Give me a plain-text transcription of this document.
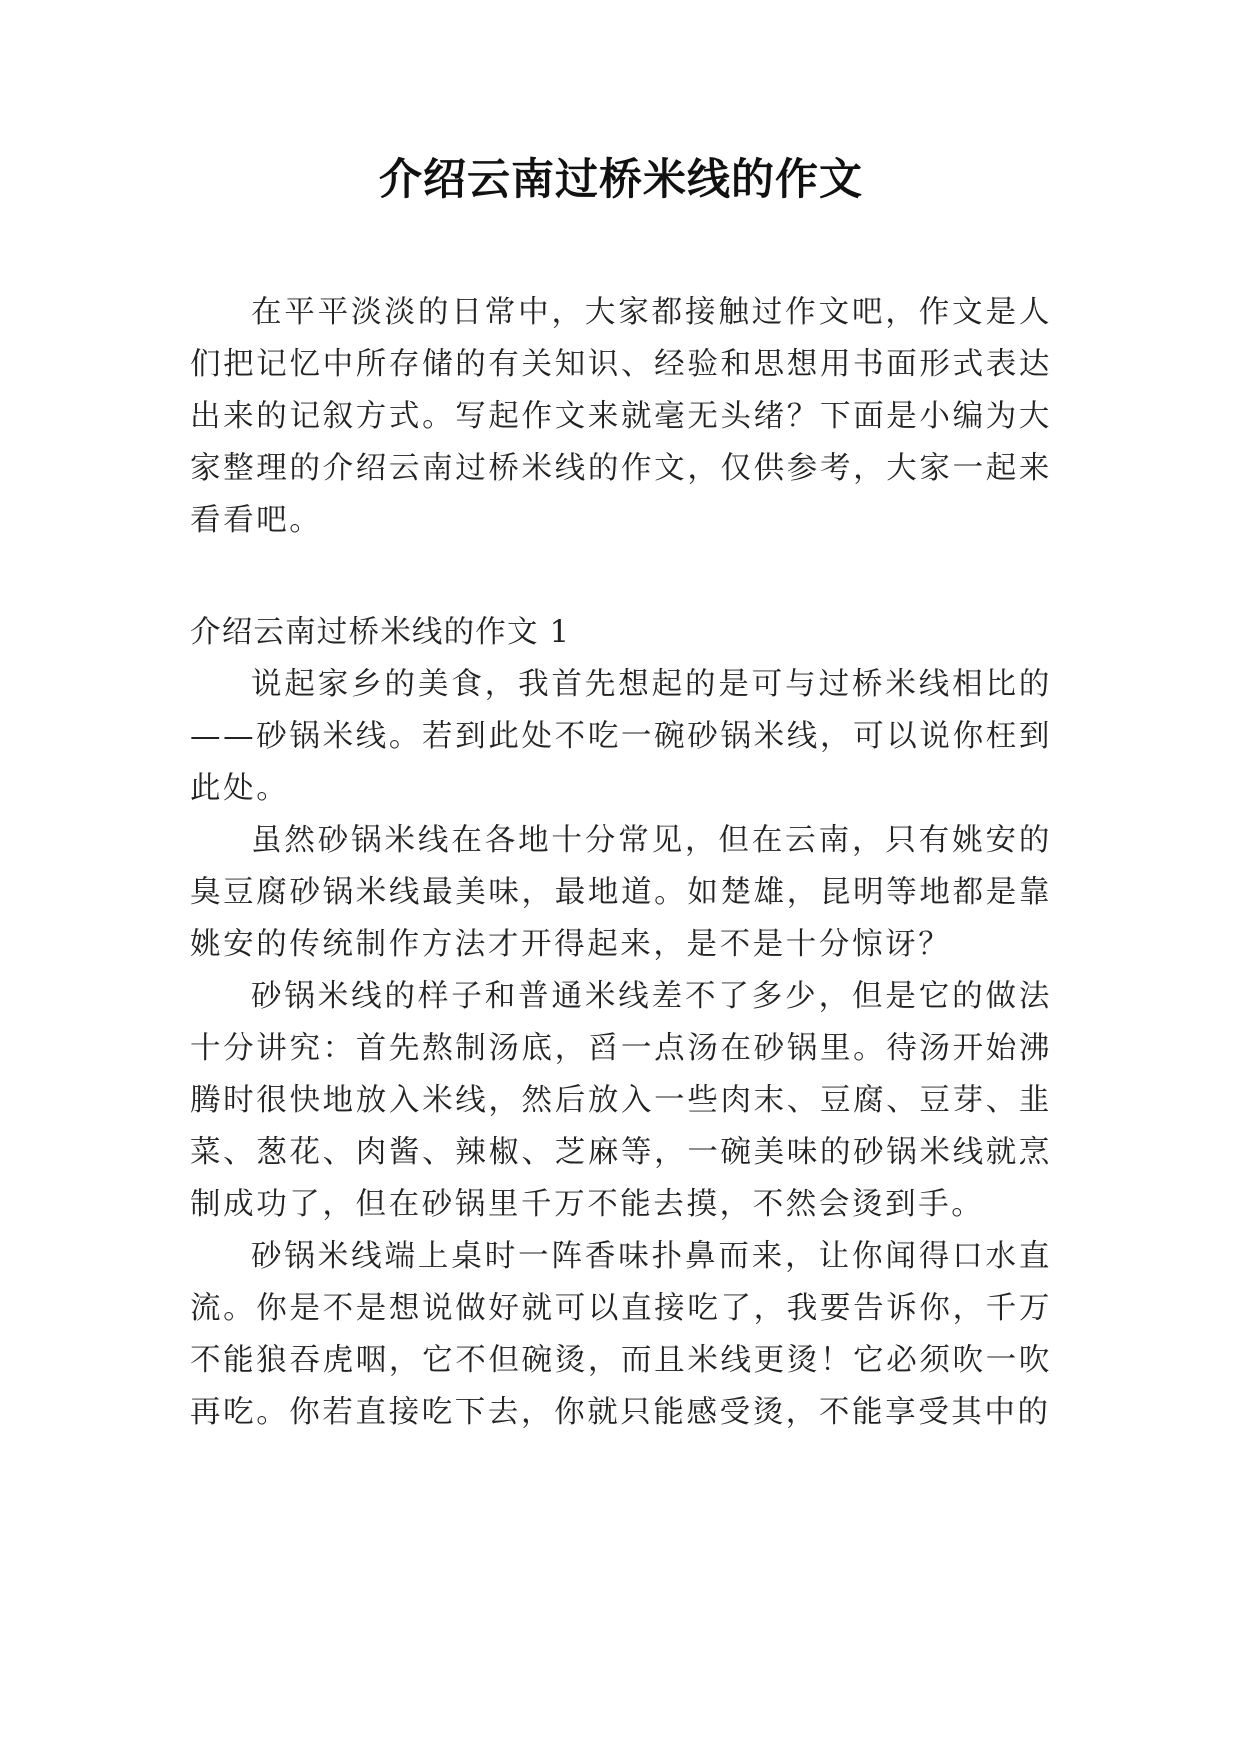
介绍云南过桥米线的作文

在平平淡淡的日常中，大家都接触过作文吧，作文是人们把记忆中所存储的有关知识、经验和思想用书面形式表达出来的记叙方式。写起作文来就毫无头绪？下面是小编为大家整理的介绍云南过桥米线的作文，仅供参考，大家一起来看看吧。

介绍云南过桥米线的作文 1

说起家乡的美食，我首先想起的是可与过桥米线相比的——砂锅米线。若到此处不吃一碗砂锅米线，可以说你枉到此处。

虽然砂锅米线在各地十分常见，但在云南，只有姚安的臭豆腐砂锅米线最美味，最地道。如楚雄，昆明等地都是靠姚安的传统制作方法才开得起来，是不是十分惊讶？

砂锅米线的样子和普通米线差不了多少，但是它的做法十分讲究：首先熬制汤底，舀一点汤在砂锅里。待汤开始沸腾时很快地放入米线，然后放入一些肉末、豆腐、豆芽、韭菜、葱花、肉酱、辣椒、芝麻等，一碗美味的砂锅米线就烹制成功了，但在砂锅里千万不能去摸，不然会烫到手。

砂锅米线端上桌时一阵香味扑鼻而来，让你闻得口水直流。你是不是想说做好就可以直接吃了，我要告诉你，千万不能狼吞虎咽，它不但碗烫，而且米线更烫！它必须吹一吹再吃。你若直接吃下去，你就只能感受烫，不能享受其中的
